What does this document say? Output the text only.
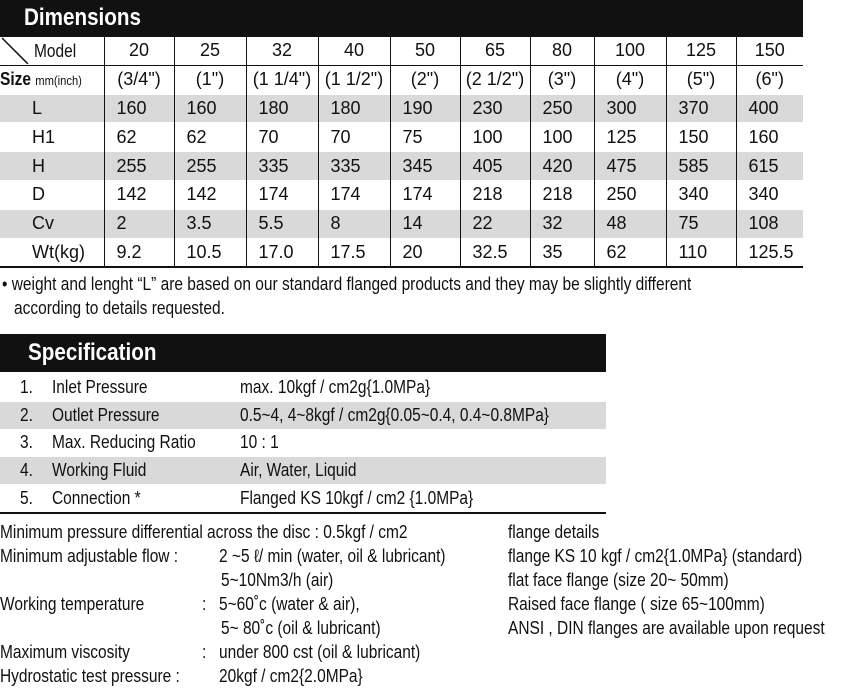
Dimensions
Model	20	25	32	40	50	65	80	100	125	150
Size mm(inch)	(3/4")	(1")	(1 1/4")	(1 1/2")	(2")	(2 1/2")	(3")	(4")	(5")	(6")
L	160	160	180	180	190	230	250	300	370	400
H1	62	62	70	70	75	100	100	125	150	160
H	255	255	335	335	345	405	420	475	585	615
D	142	142	174	174	174	218	218	250	340	340
Cv	2	3.5	5.5	8	14	22	32	48	75	108
Wt(kg)	9.2	10.5	17.0	17.5	20	32.5	35	62	110	125.5
• weight and lenght “L” are based on our standard flanged products and they may be slightly different
according to details requested.
Specification
1.	Inlet Pressure	max. 10kgf / cm2g{1.0MPa}
2.	Outlet Pressure	0.5~4, 4~8kgf / cm2g{0.05~0.4, 0.4~0.8MPa}
3.	Max. Reducing Ratio	10 : 1
4.	Working Fluid	Air, Water, Liquid
5.	Connection *	Flanged KS 10kgf / cm2 {1.0MPa}
Minimum pressure differential across the disc : 0.5kgf / cm2
Minimum adjustable flow :	2 ~5 ℓ/ min (water, oil & lubricant)
5~10Nm3/h (air)
Working temperature	: 5~60˚c (water & air),
5~ 80˚c (oil & lubricant)
Maximum viscosity	: under 800 cst (oil & lubricant)
Hydrostatic test pressure :	20kgf / cm2{2.0MPa}
flange details
flange KS 10 kgf / cm2{1.0MPa} (standard)
flat face flange (size 20~ 50mm)
Raised face flange ( size 65~100mm)
ANSI , DIN flanges are available upon request
